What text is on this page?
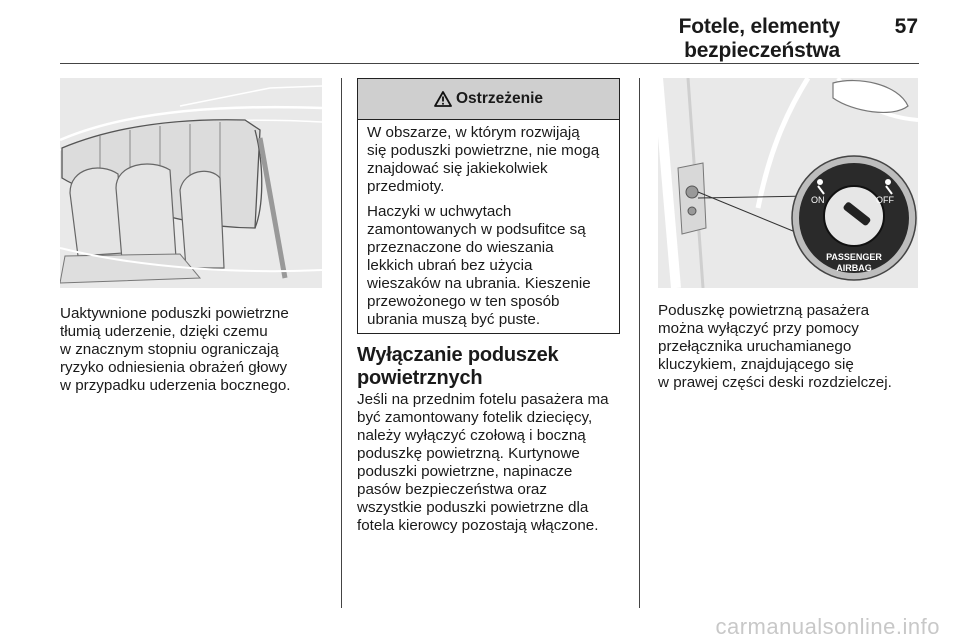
Fotele, elementy bezpieczeństwa
57

Uaktywnione poduszki powietrzne
tłumią uderzenie, dzięki czemu
w znacznym stopniu ograniczają
ryzyko odniesienia obrażeń głowy
w przypadku uderzenia bocznego.

Ostrzeżenie

W obszarze, w którym rozwijają
się poduszki powietrzne, nie mogą
znajdować się jakiekolwiek
przedmioty.

Haczyki w uchwytach
zamontowanych w podsufitce są
przeznaczone do wieszania
lekkich ubrań bez użycia
wieszaków na ubrania. Kieszenie
przewożonego w ten sposób
ubrania muszą być puste.

Wyłączanie poduszek
powietrznych

Jeśli na przednim fotelu pasażera ma
być zamontowany fotelik dziecięcy,
należy wyłączyć czołową i boczną
poduszkę powietrzną. Kurtynowe
poduszki powietrzne, napinacze
pasów bezpieczeństwa oraz
wszystkie poduszki powietrzne dla
fotela kierowcy pozostają włączone.

ON	OFF
PASSENGER
AIRBAG

Poduszkę powietrzną pasażera
można wyłączyć przy pomocy
przełącznika uruchamianego
kluczykiem, znajdującego się
w prawej części deski rozdzielczej.

carmanualsonline.info
